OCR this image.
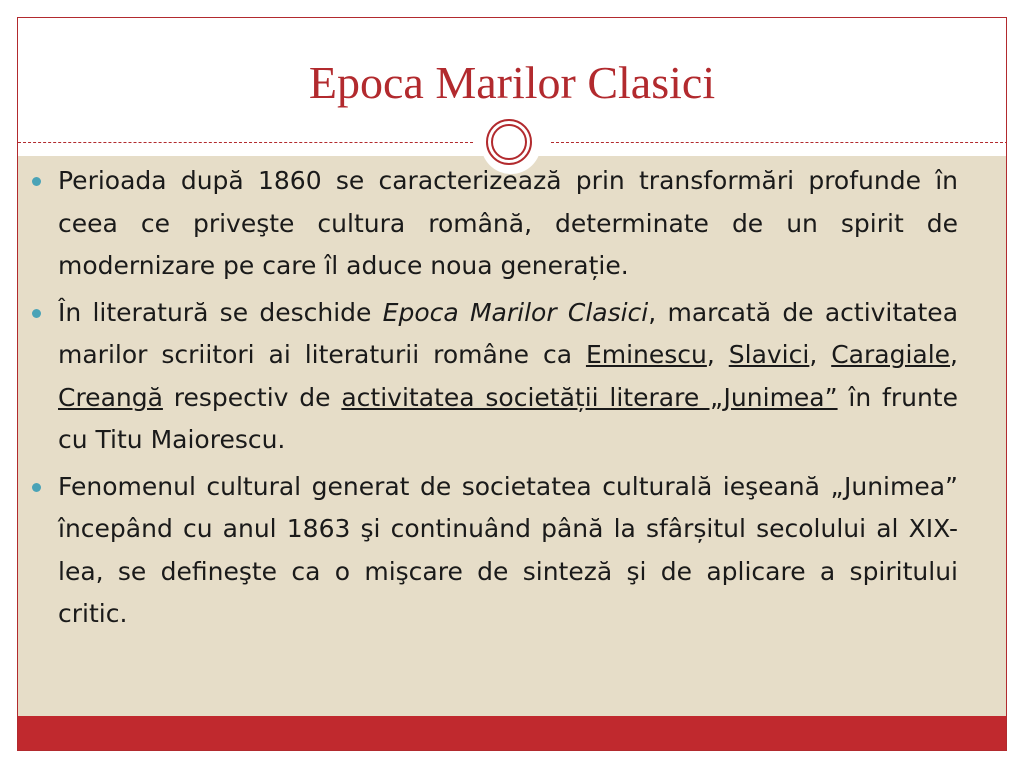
Epoca Marilor Clasici
Perioada după 1860 se caracterizează prin transformări profunde în ceea ce priveşte cultura română, determinate de un spirit de modernizare pe care îl aduce noua generație.
În literatură se deschide Epoca Marilor Clasici, marcată de activitatea marilor scriitori ai literaturii române ca Eminescu, Slavici, Caragiale, Creangă respectiv de activitatea societății literare „Junimea” în frunte cu Titu Maiorescu.
Fenomenul cultural generat de societatea culturală ieşeană „Junimea” începând cu anul 1863 şi continuând până la sfârșitul secolului al XIX-lea, se defineşte ca o mişcare de sinteză şi de aplicare a spiritului critic.
